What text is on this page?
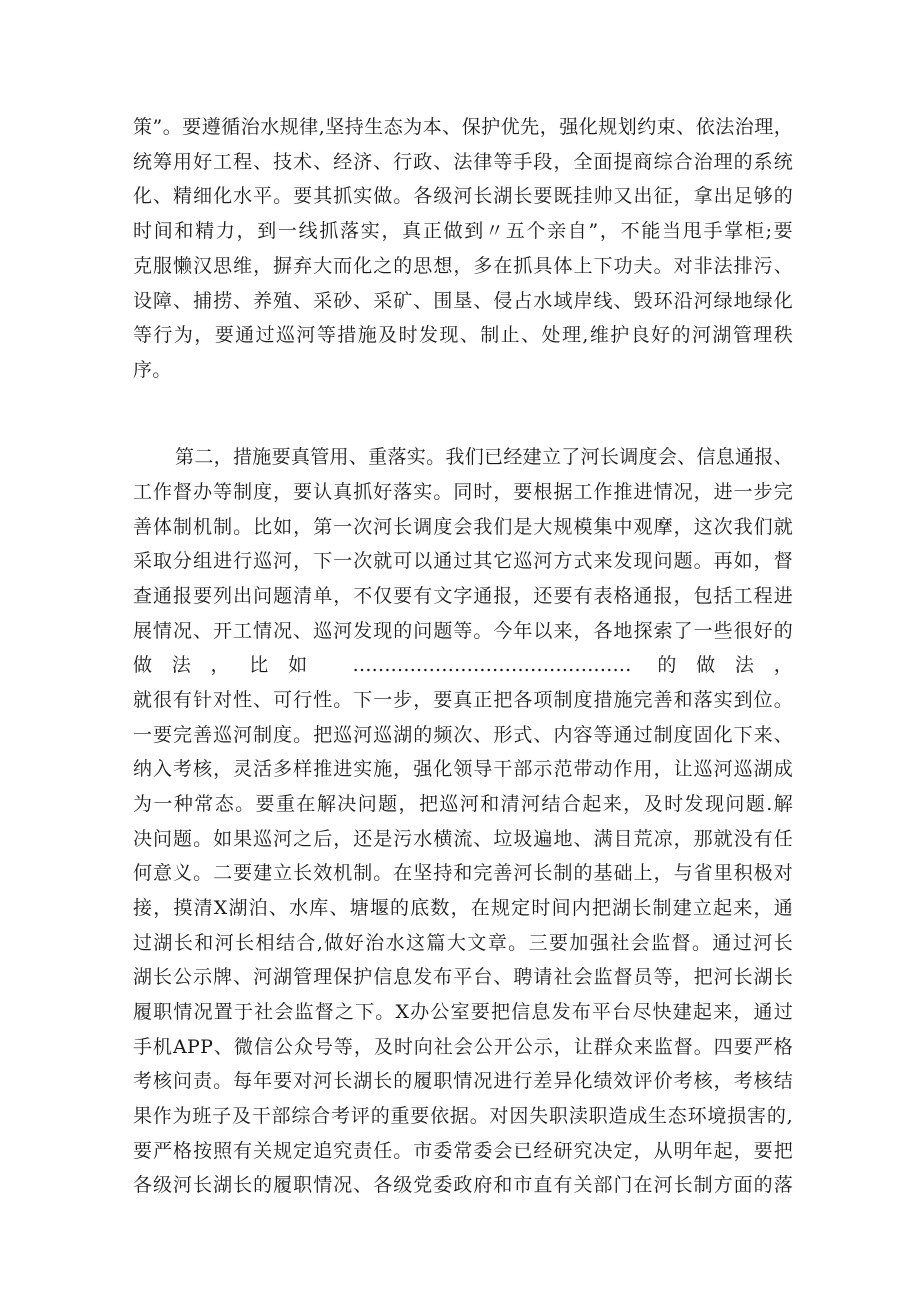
策”。要遵循治水规律,坚持生态为本、保护优先，强化规划约束、依法治理，
统筹用好工程、技术、经济、行政、法律等手段，全面提商综合治理的系统
化、精细化水平。要其抓实做。各级河长湖长要既挂帅又出征，拿出足够的
时间和精力，到一线抓落实，真正做到〃五个亲自”，不能当甩手掌柜;要
克服懒汉思维，摒弃大而化之的思想，多在抓具体上下功夫。对非法排污、
设障、捕捞、养殖、采砂、采矿、围垦、侵占水域岸线、毁环沿河绿地绿化
等行为，要通过巡河等措施及时发现、制止、处理,维护良好的河湖管理秩
序。
第二，措施要真管用、重落实。我们已经建立了河长调度会、信息通报、
工作督办等制度，要认真抓好落实。同时，要根据工作推进情况，进一步完
善体制机制。比如，第一次河长调度会我们是大规模集中观摩，这次我们就
采取分组进行巡河，下一次就可以通过其它巡河方式来发现问题。再如，督
查通报要列出问题清单，不仅要有文字通报，还要有表格通报，包括工程进
展情况、开工情况、巡河发现的问题等。今年以来，各地探索了一些很好的
做法，比如 ............................................ 的做法，
就很有针对性、可行性。下一步，要真正把各项制度措施完善和落实到位。
一要完善巡河制度。把巡河巡湖的频次、形式、内容等通过制度固化下来、
纳入考核，灵活多样推进实施，强化领导干部示范带动作用，让巡河巡湖成
为一种常态。要重在解决问题，把巡河和清河结合起来，及时发现问题.解
决问题。如果巡河之后，还是污水横流、垃圾遍地、满目荒凉，那就没有任
何意义。二要建立长效机制。在坚持和完善河长制的基础上，与省里积极对
接，摸清X湖泊、水库、塘堰的底数，在规定时间内把湖长制建立起来，通
过湖长和河长相结合,做好治水这篇大文章。三要加强社会监督。通过河长
湖长公示牌、河湖管理保护信息发布平台、聘请社会监督员等，把河长湖长
履职情况置于社会监督之下。X办公室要把信息发布平台尽快建起来，通过
手机APP、微信公众号等，及时向社会公开公示，让群众来监督。四要严格
考核问责。每年要对河长湖长的履职情况进行差异化绩效评价考核，考核结
果作为班子及干部综合考评的重要依据。对因失职渎职造成生态环境损害的,
要严格按照有关规定追究责任。市委常委会已经研究决定，从明年起，要把
各级河长湖长的履职情况、各级党委政府和市直有关部门在河长制方面的落
